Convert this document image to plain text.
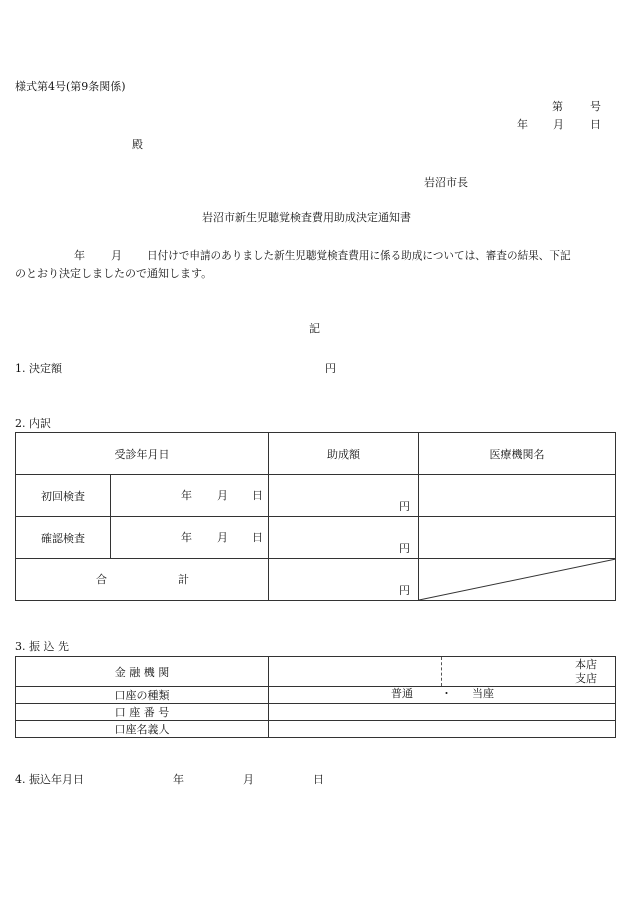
様式第4号(第9条関係)
第 号
年 月 日
殿
岩沼市長
岩沼市新生児聴覚検査費用助成決定通知書
年 月 日付けで申請のありました新生児聴覚検査費用に係る助成については、審査の結果、下記
のとおり決定しましたので通知します。
記
1. 決定額	円
2. 内訳
受診年月日		助成額	医療機関名
初回検査	年 月 日	円	

確認検査	年 月 日	円	

合 計		円

3. 振 込 先
金 融 機 関	本店
支店

口座の種類	普通 ・ 当座

口 座 番 号	
口座名義人	
4. 振込年月日	年	月	日
